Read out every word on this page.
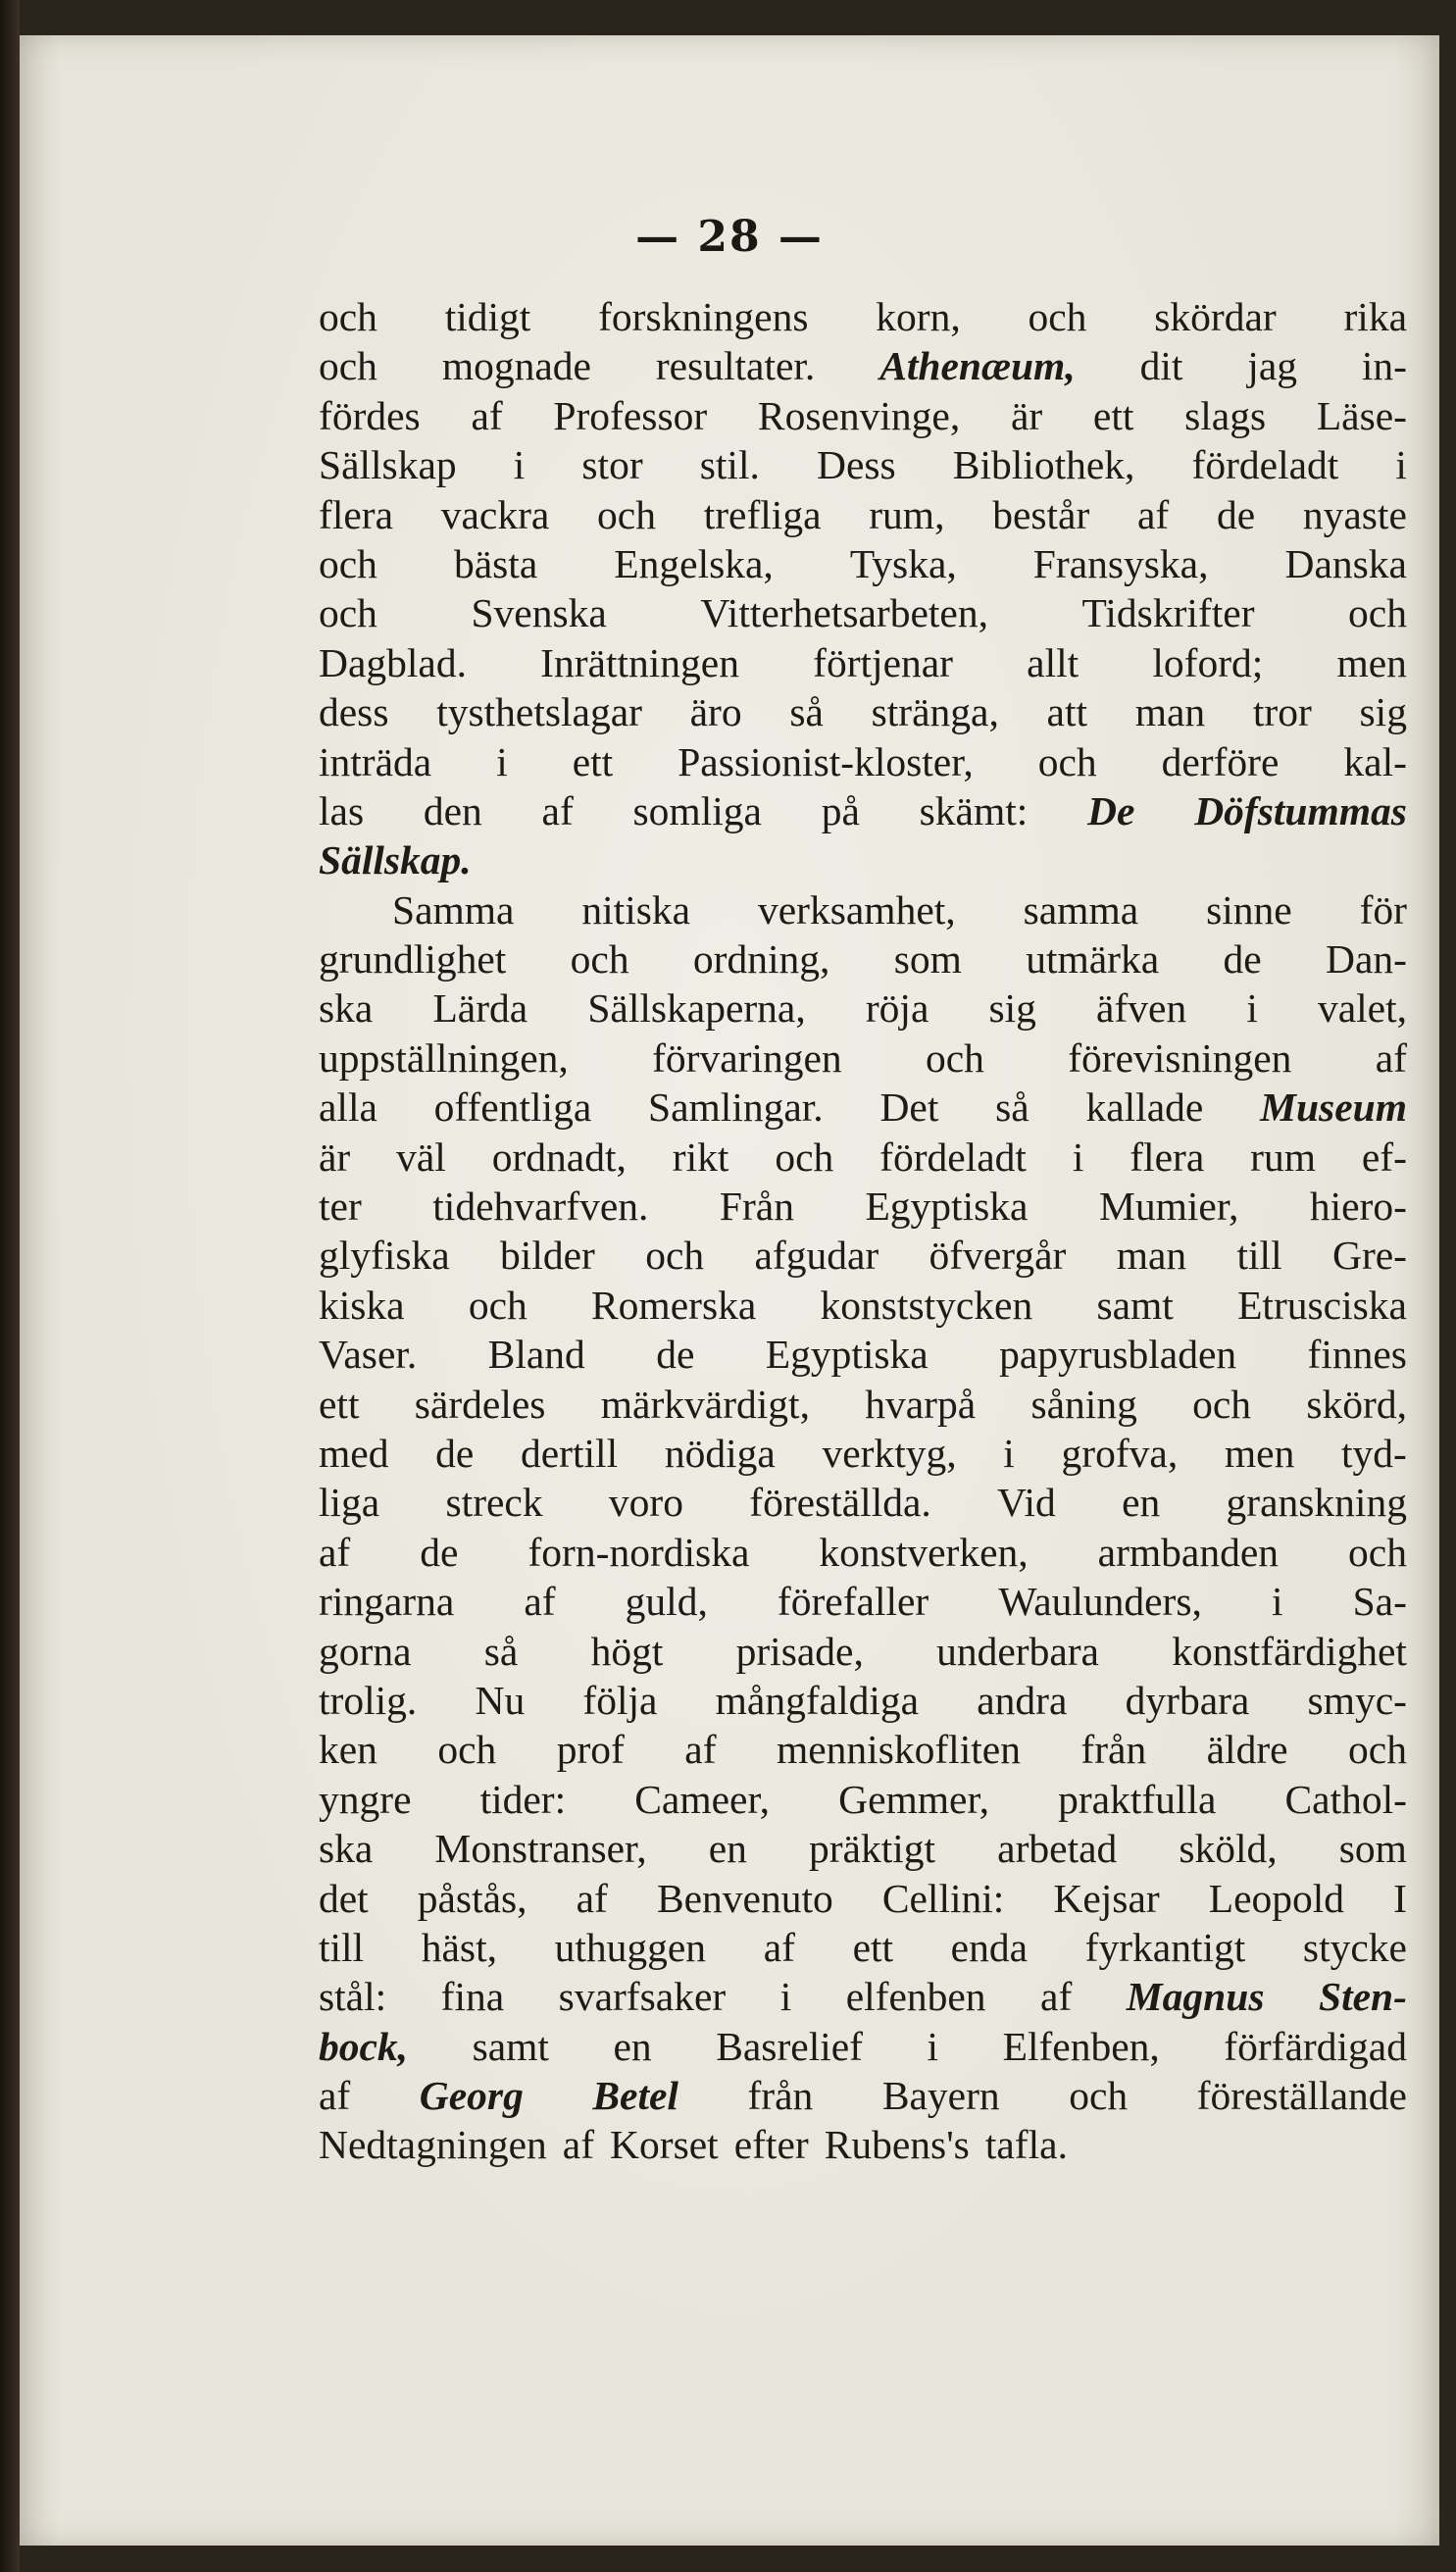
— 28 —
och tidigt forskningens korn, och skördar rika
och mognade resultater. Athenæum, dit jag in-
fördes af Professor Rosenvinge, är ett slags Läse-
Sällskap i stor stil. Dess Bibliothek, fördeladt i
flera vackra och trefliga rum, består af de nyaste
och bästa Engelska, Tyska, Fransyska, Danska
och Svenska Vitterhetsarbeten, Tidskrifter och
Dagblad. Inrättningen förtjenar allt loford; men
dess tysthetslagar äro så stränga, att man tror sig
inträda i ett Passionist-kloster, och derföre kal-
las den af somliga på skämt: De Döfstummas
Sällskap.
Samma nitiska verksamhet, samma sinne för
grundlighet och ordning, som utmärka de Dan-
ska Lärda Sällskaperna, röja sig äfven i valet,
uppställningen, förvaringen och förevisningen af
alla offentliga Samlingar. Det så kallade Museum
är väl ordnadt, rikt och fördeladt i flera rum ef-
ter tidehvarfven. Från Egyptiska Mumier, hiero-
glyfiska bilder och afgudar öfvergår man till Gre-
kiska och Romerska konststycken samt Etrusciska
Vaser. Bland de Egyptiska papyrusbladen finnes
ett särdeles märkvärdigt, hvarpå såning och skörd,
med de dertill nödiga verktyg, i grofva, men tyd-
liga streck voro föreställda. Vid en granskning
af de forn-nordiska konstverken, armbanden och
ringarna af guld, förefaller Waulunders, i Sa-
gorna så högt prisade, underbara konstfärdighet
trolig. Nu följa mångfaldiga andra dyrbara smyc-
ken och prof af menniskofliten från äldre och
yngre tider: Cameer, Gemmer, praktfulla Cathol-
ska Monstranser, en präktigt arbetad sköld, som
det påstås, af Benvenuto Cellini: Kejsar Leopold I
till häst, uthuggen af ett enda fyrkantigt stycke
stål: fina svarfsaker i elfenben af Magnus Sten-
bock, samt en Basrelief i Elfenben, förfärdigad
af Georg Betel från Bayern och föreställande
Nedtagningen af Korset efter Rubens's tafla.
